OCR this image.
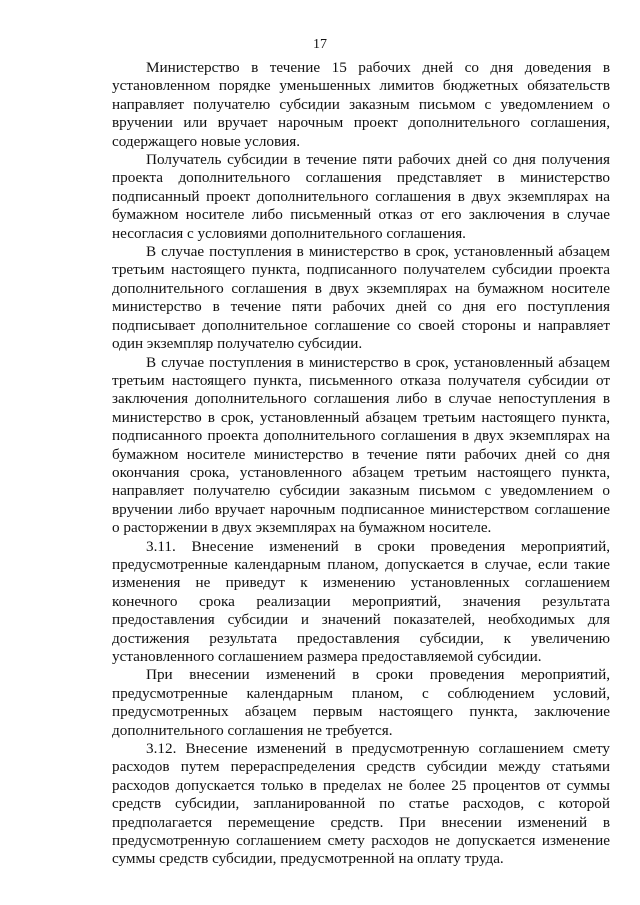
17

Министерство в течение 15 рабочих дней со дня доведения в установленном порядке уменьшенных лимитов бюджетных обязательств направляет получателю субсидии заказным письмом с уведомлением о вручении или вручает нарочным проект дополнительного соглашения, содержащего новые условия.

Получатель субсидии в течение пяти рабочих дней со дня получения проекта дополнительного соглашения представляет в министерство подписанный проект дополнительного соглашения в двух экземплярах на бумажном носителе либо письменный отказ от его заключения в случае несогласия с условиями дополнительного соглашения.

В случае поступления в министерство в срок, установленный абзацем третьим настоящего пункта, подписанного получателем субсидии проекта дополнительного соглашения в двух экземплярах на бумажном носителе министерство в течение пяти рабочих дней со дня его поступления подписывает дополнительное соглашение со своей стороны и направляет один экземпляр получателю субсидии.

В случае поступления в министерство в срок, установленный абзацем третьим настоящего пункта, письменного отказа получателя субсидии от заключения дополнительного соглашения либо в случае непоступления в министерство в срок, установленный абзацем третьим настоящего пункта, подписанного проекта дополнительного соглашения в двух экземплярах на бумажном носителе министерство в течение пяти рабочих дней со дня окончания срока, установленного абзацем третьим настоящего пункта, направляет получателю субсидии заказным письмом с уведомлением о вручении либо вручает нарочным подписанное министерством соглашение о расторжении в двух экземплярах на бумажном носителе.

3.11. Внесение изменений в сроки проведения мероприятий, предусмотренные календарным планом, допускается в случае, если такие изменения не приведут к изменению установленных соглашением конечного срока реализации мероприятий, значения результата предоставления субсидии и значений показателей, необходимых для достижения результата предоставления субсидии, к увеличению установленного соглашением размера предоставляемой субсидии.

При внесении изменений в сроки проведения мероприятий, предусмотренные календарным планом, с соблюдением условий, предусмотренных абзацем первым настоящего пункта, заключение дополнительного соглашения не требуется.

3.12. Внесение изменений в предусмотренную соглашением смету расходов путем перераспределения средств субсидии между статьями расходов допускается только в пределах не более 25 процентов от суммы средств субсидии, запланированной по статье расходов, с которой предполагается перемещение средств. При внесении изменений в предусмотренную соглашением смету расходов не допускается изменение суммы средств субсидии, предусмотренной на оплату труда.
